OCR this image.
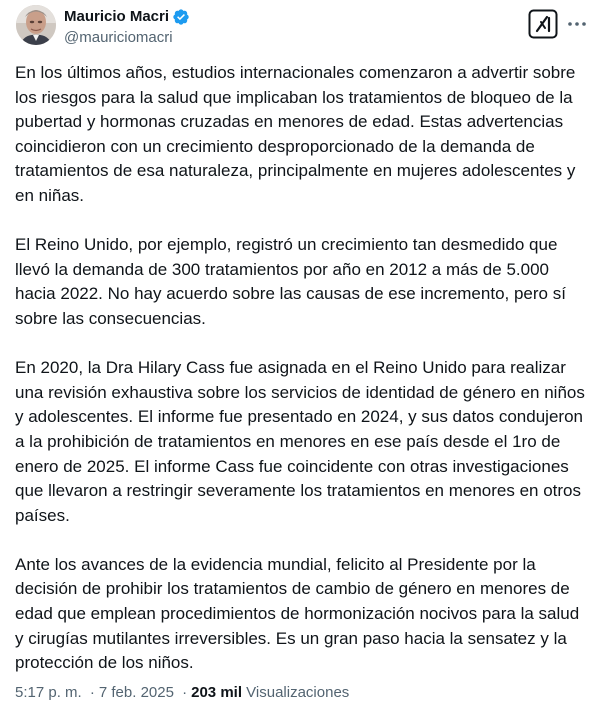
Mauricio Macri
@mauriciomacri

En los últimos años, estudios internacionales comenzaron a advertir sobre los riesgos para la salud que implicaban los tratamientos de bloqueo de la pubertad y hormonas cruzadas en menores de edad. Estas advertencias coincidieron con un crecimiento desproporcionado de la demanda de tratamientos de esa naturaleza, principalmente en mujeres adolescentes y en niñas.

El Reino Unido, por ejemplo, registró un crecimiento tan desmedido que llevó la demanda de 300 tratamientos por año en 2012 a más de 5.000 hacia 2022. No hay acuerdo sobre las causas de ese incremento, pero sí sobre las consecuencias.

En 2020, la Dra Hilary Cass fue asignada en el Reino Unido para realizar una revisión exhaustiva sobre los servicios de identidad de género en niños y adolescentes. El informe fue presentado en 2024, y sus datos condujeron a la prohibición de tratamientos en menores en ese país desde el 1ro de enero de 2025. El informe Cass fue coincidente con otras investigaciones que llevaron a restringir severamente los tratamientos en menores en otros países.

Ante los avances de la evidencia mundial, felicito al Presidente por la decisión de prohibir los tratamientos de cambio de género en menores de edad que emplean procedimientos de hormonización nocivos para la salud y cirugías mutilantes irreversibles. Es un gran paso hacia la sensatez y la protección de los niños.

5:17 p. m. · 7 feb. 2025 · 203 mil Visualizaciones
